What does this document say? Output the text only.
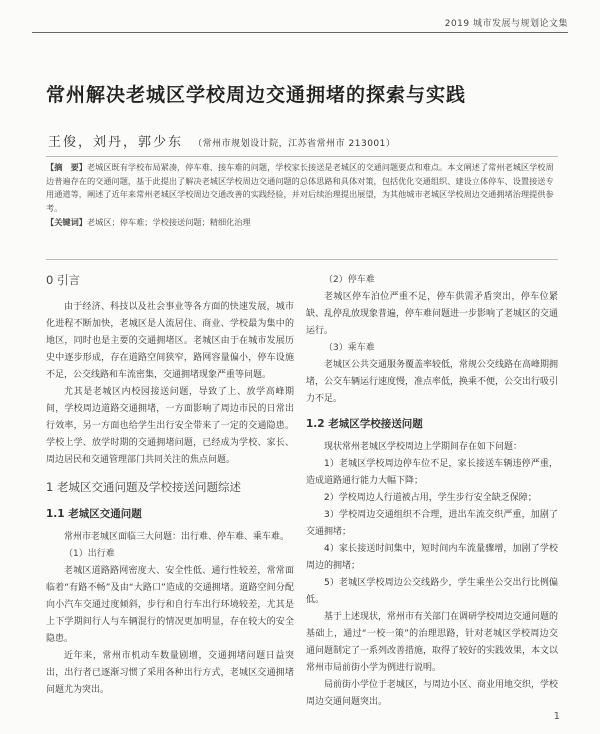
2019 城市发展与规划论文集
常州解决老城区学校周边交通拥堵的探索与实践
王俊，刘丹，郭少东 （常州市规划设计院，江苏省常州市 213001）
【摘　要】老城区既有学校布局紧凑，停车难、接车难的问题，学校家长接送是老城区的交通问题要点和难点。本文阐述了常州老城区学校周边普遍存在的交通问题，基于此提出了解决老城区学校周边交通问题的总体思路和具体对策，包括优化交通组织、建设立体停车、设置接送专用通道等，阐述了近年来常州老城区学校周边交通改善的实践经验，并对后续治理提出展望，为其他城市老城区学校周边交通拥堵治理提供参考。
【关键词】老城区；停车难；学校接送问题；精细化治理
0 引言

由于经济、科技以及社会事业等各方面的快速发展，城市化进程不断加快，老城区是人流居住、商业、学校最为集中的地区，同时也是主要的交通拥堵区。老城区由于在城市发展历史中逐步形成，存在道路空间狭窄，路网容量偏小，停车设施不足，公交线路和车流密集，交通拥堵现象严重等问题。

尤其是老城区内校园接送问题，导致了上、放学高峰期间，学校周边道路交通拥堵，一方面影响了周边市民的日常出行效率，另一方面也给学生出行安全带来了一定的交通隐患。学校上学、放学时期的交通拥堵问题，已经成为学校、家长、周边居民和交通管理部门共同关注的焦点问题。

1 老城区交通问题及学校接送问题综述
1.1 老城区交通问题

常州市老城区面临三大问题：出行难、停车难、乘车难。

（1）出行难

老城区道路路网密度大、安全性低、通行性较差，常常面临着“有路不畅”及由“大路口”造成的交通拥堵。道路空间分配向小汽车交通过度倾斜，步行和自行车出行环境较差，尤其是上下学期间行人与车辆混行的情况更加明显，存在较大的安全隐患。

近年来，常州市机动车数量剧增，交通拥堵问题日益突出，出行者已逐渐习惯了采用各种出行方式，老城区交通拥堵问题尤为突出。

（2）停车难

老城区停车泊位严重不足，停车供需矛盾突出，停车位紧缺、乱停乱放现象普遍，停车难问题进一步影响了老城区的交通运行。

（3）乘车难

老城区公共交通服务覆盖率较低，常规公交线路在高峰期拥堵，公交车辆运行速度慢，准点率低，换乘不便，公交出行吸引力不足。

1.2 老城区学校接送问题

现状常州老城区学校周边上学期间存在如下问题：

1）老城区学校周边停车位不足，家长接送车辆违停严重，造成道路通行能力大幅下降；

2）学校周边人行道被占用，学生步行安全缺乏保障；

3）学校周边交通组织不合理，进出车流交织严重，加剧了交通拥堵；

4）家长接送时间集中，短时间内车流量骤增，加剧了学校周边的拥堵；

5）老城区学校周边公交线路少，学生乘坐公交出行比例偏低。

基于上述现状，常州市有关部门在调研学校周边交通问题的基础上，通过“一校一策”的治理思路，针对老城区学校周边交通问题制定了一系列改善措施，取得了较好的实践效果，本文以常州市局前街小学为例进行说明。

局前街小学位于老城区，与周边小区、商业用地交织，学校周边交通问题突出。

1
